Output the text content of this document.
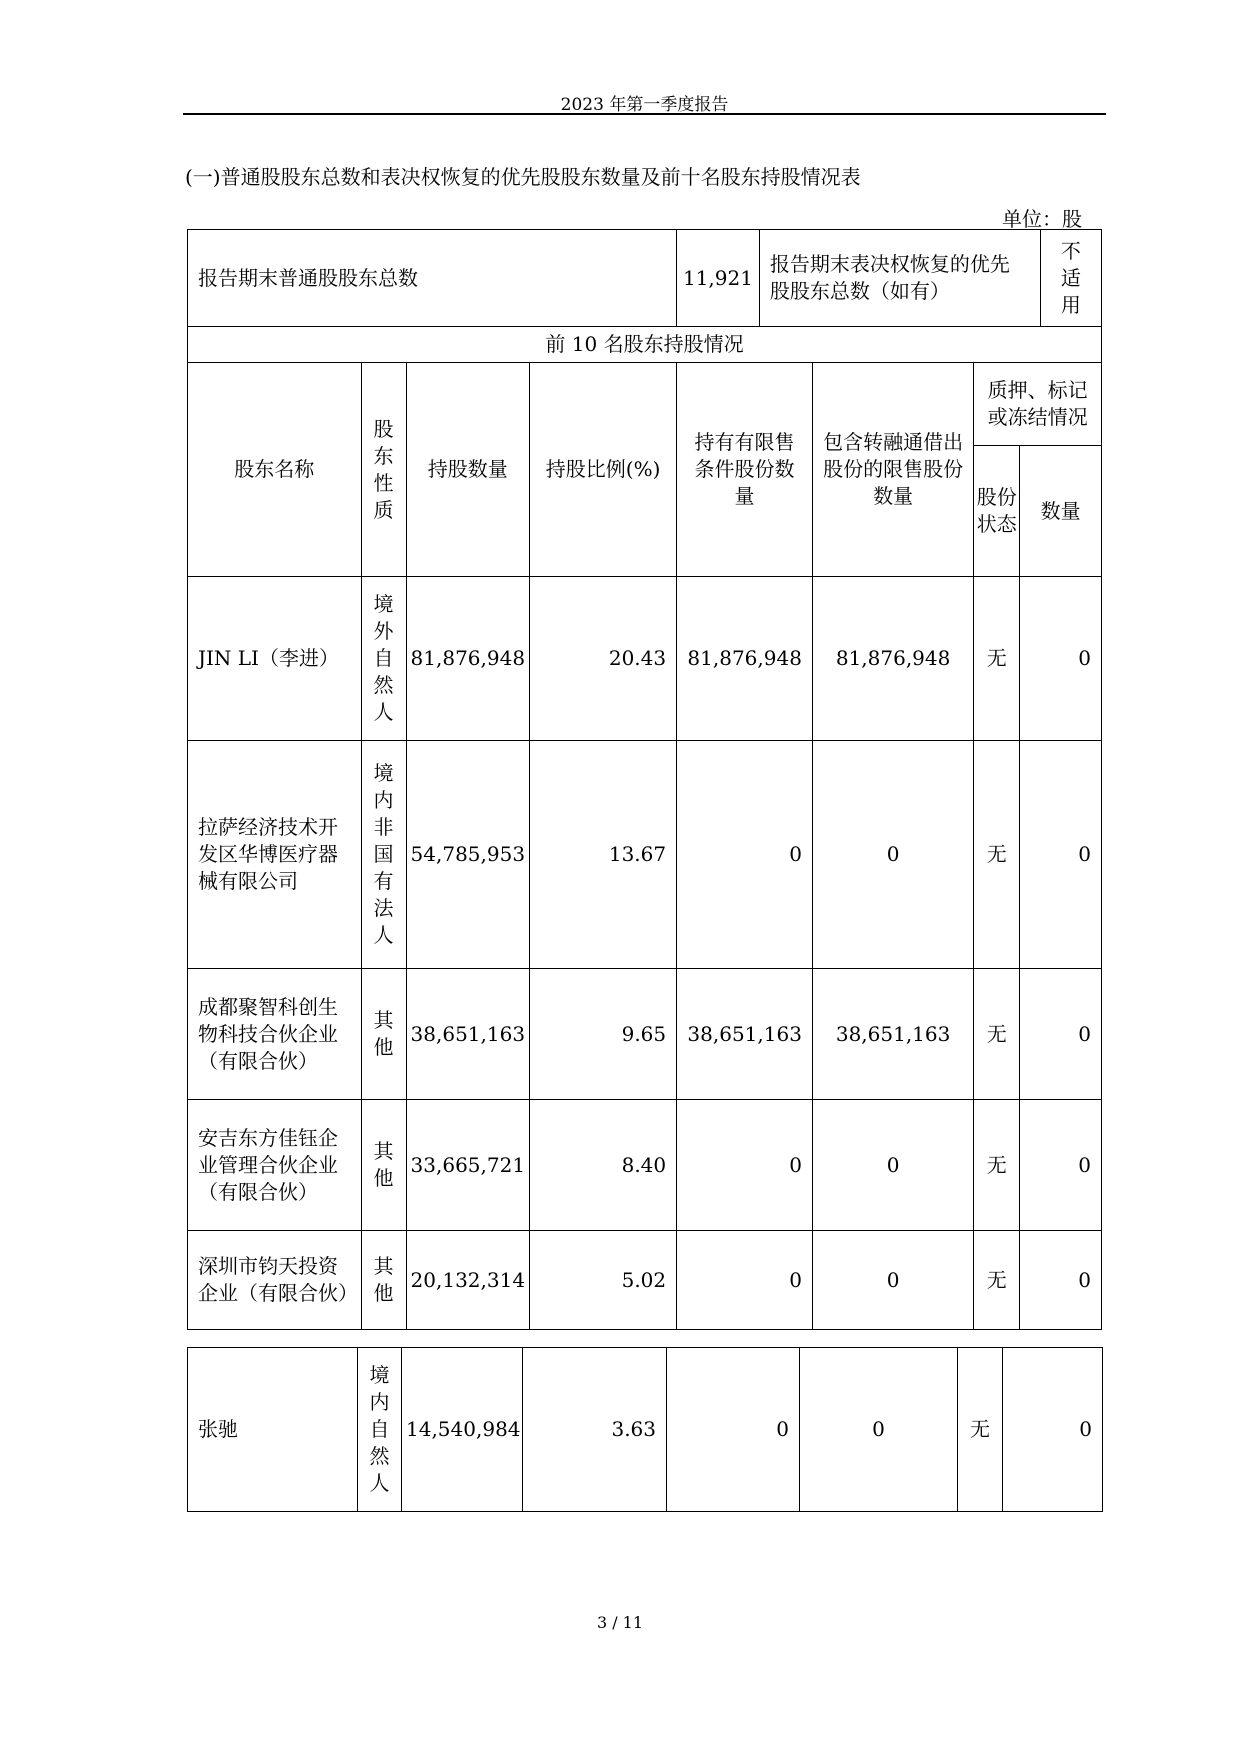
2023 年第一季度报告
(一)普通股股东总数和表决权恢复的优先股股东数量及前十名股东持股情况表
单位：股
报告期末普通股股东总数				11,921	报告期末表决权恢复的优先股股东总数（如有）				不适用
前 10 名股东持股情况									
股东名称	股东性质	持股数量	持股比例(%)	持有有限售条件股份数量		包含转融通借出股份的限售股份数量	质押、标记或冻结情况		
							股份状态	数量	
JIN LI（李进）	境外自然人	81,876,948	20.43	81,876,948		81,876,948	无	0	
拉萨经济技术开发区华博医疗器械有限公司	境内非国有法人	54,785,953	13.67	0		0	无	0	
成都聚智科创生物科技合伙企业（有限合伙）	其他	38,651,163	9.65	38,651,163		38,651,163	无	0	
安吉东方佳钰企业管理合伙企业（有限合伙）	其他	33,665,721	8.40	0		0	无	0	
深圳市钧天投资企业（有限合伙）	其他	20,132,314	5.02	0		0	无	0	
张驰	境内自然人	14,540,984	3.63	0	0	无	0
3 / 11
